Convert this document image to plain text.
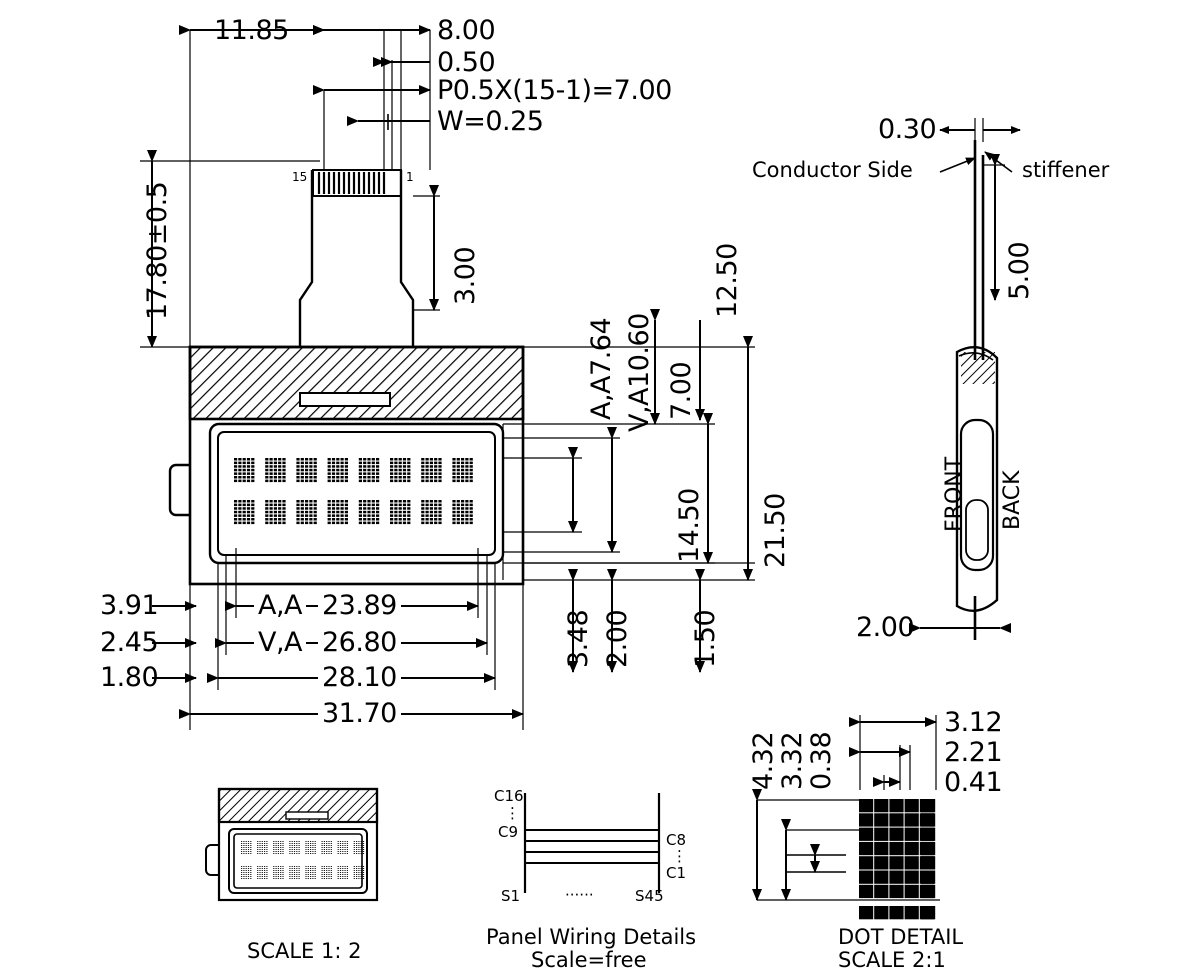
11.85	8.00
0.50
P0.5X(15-1)=7.00
W=0.25
15	1
17.80±0.5	3.00	12.50
A,A7.64 V,A10.60 7.00
21.50
14.50
3.48 2.00 1.50
3.91
2.45
1.80
A,A 23.89
V,A 26.80
28.10
31.70
0.30
Conductor Side	stiffener
5.00
FRONT BACK
2.00
4.32
3.32
0.38
3.12
2.21
0.41
C16
⋮
C9	C8
⋮
C1
S1	······	S45
SCALE 1: 2
Panel Wiring Details
Scale=free
DOT DETAIL
SCALE 2:1
